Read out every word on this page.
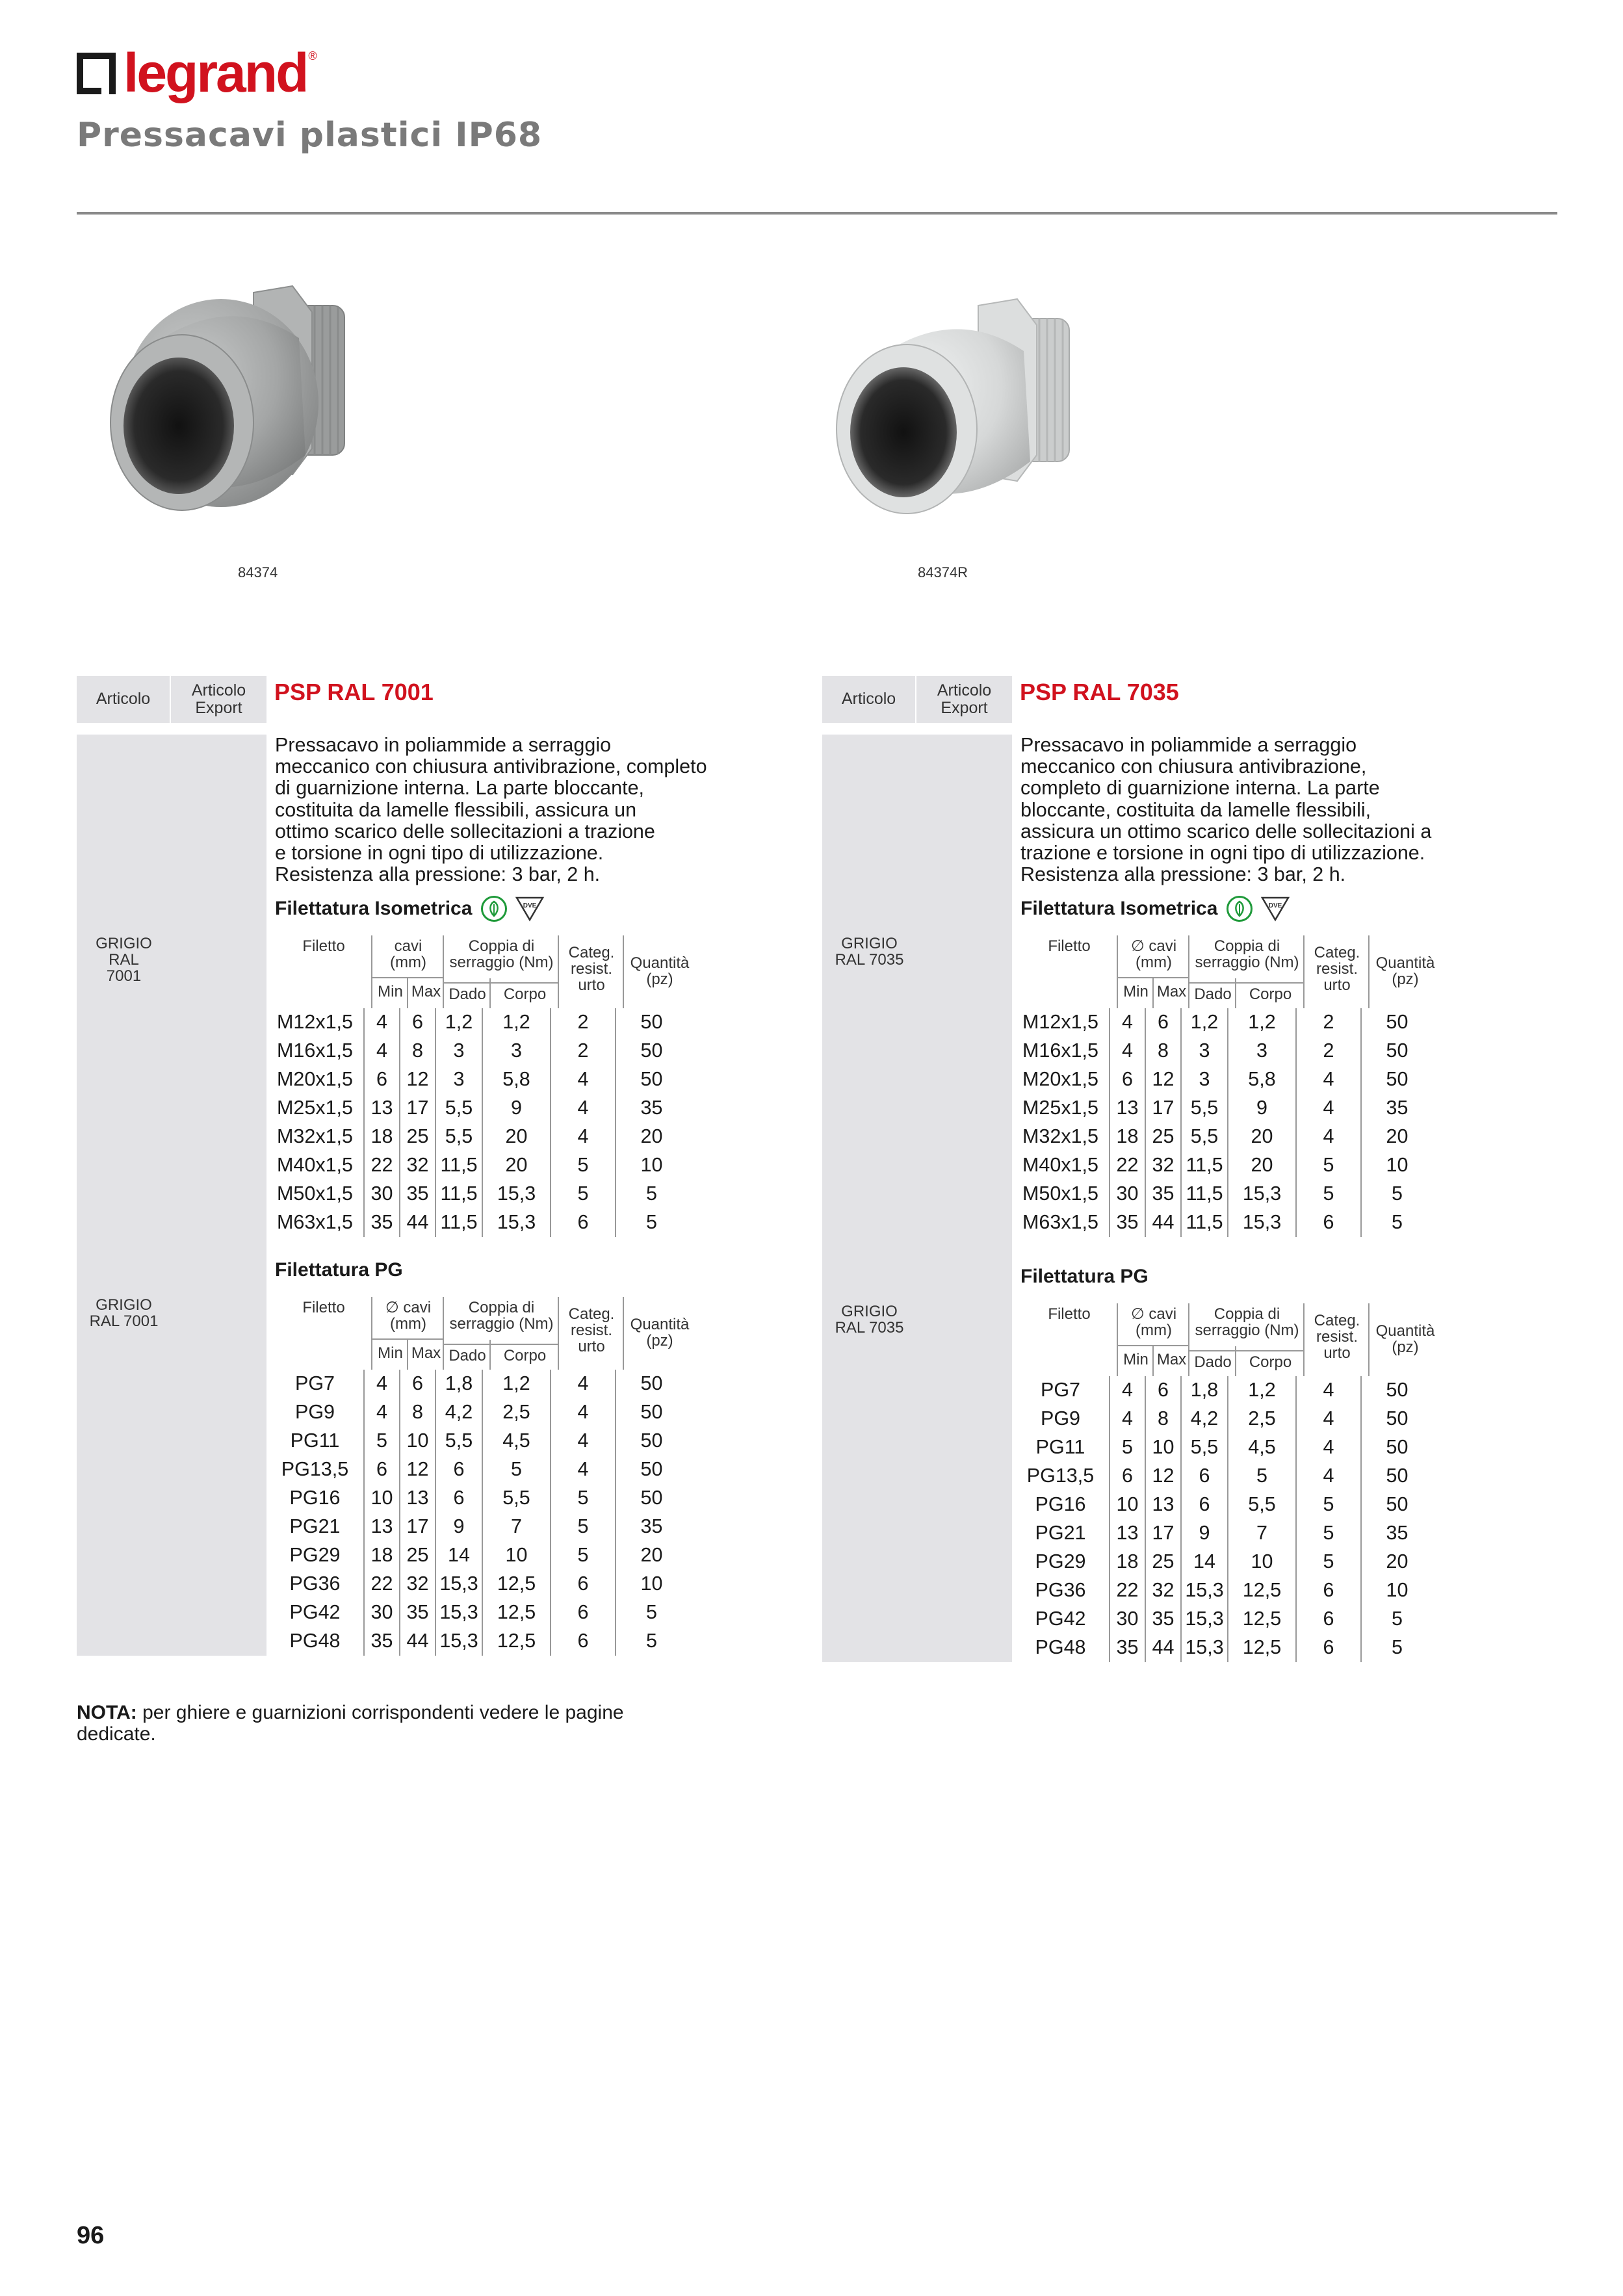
legrand ®
Pressacavi plastici IP68
84374	84374R
Articolo	Articolo Export
PSP RAL 7001
Pressacavo in poliammide a serraggio
meccanico con chiusura antivibrazione, completo
di guarnizione interna. La parte bloccante,
costituita da lamelle flessibili, assicura un
ottimo scarico delle sollecitazioni a trazione
e torsione in ogni tipo di utilizzazione.
Resistenza alla pressione: 3 bar, 2 h.
Filettatura Isometrica	DVE
GRIGIO
RAL
7001
Filetto	cavi (mm)
Coppia di serraggio (Nm)
Categ. resist. urto
Quantità (pz)
Min Max Dado	Corpo
	M12x1,5	4	6	1,2	1,2	2	50
		M16x1,5	4	8	3	3	2	50
		M20x1,5	6	12	3	5,8	4	50
		M25x1,5	13	17	5,5	9	4	35
		M32x1,5	18	25	5,5	20	4	20
		M40x1,5	22	32	11,5	20	5	10
		M50x1,5	30	35	11,5	15,3	5	5
		M63x1,5	35	44	11,5	15,3	6	5
Filettatura PG
GRIGIO
RAL 7001
Filetto	∅ cavi (mm)
Coppia di serraggio (Nm)
Categ. resist. urto
Quantità (pz)
Min Max Dado	Corpo
		PG7	4	6	1,8	1,2	4	50
		PG9	4	8	4,2	2,5	4	50
		PG11	5	10	5,5	4,5	4	50
		PG13,5	6	12	6	5	4	50
		PG16	10	13	6	5,5	5	50
		PG21	13	17	9	7	5	35
		PG29	18	25	14	10	5	20
		PG36	22	32	15,3	12,5	6	10
		PG42	30	35	15,3	12,5	6	5
		PG48	35	44	15,3	12,5	6	5
Articolo	Articolo Export
PSP RAL 7035
Pressacavo in poliammide a serraggio
meccanico con chiusura antivibrazione,
completo di guarnizione interna. La parte
bloccante, costituita da lamelle flessibili,
assicura un ottimo scarico delle sollecitazioni a
trazione e torsione in ogni tipo di utilizzazione.
Resistenza alla pressione: 3 bar, 2 h.
Filettatura Isometrica	DVE
GRIGIO
RAL 7035
Filetto	∅ cavi (mm)
Coppia di serraggio (Nm)
Categ. resist. urto
Quantità (pz)
Min Max Dado	Corpo
	M12x1,5	4	6	1,2	1,2	2	50
		M16x1,5	4	8	3	3	2	50
		M20x1,5	6	12	3	5,8	4	50
		M25x1,5	13	17	5,5	9	4	35
		M32x1,5	18	25	5,5	20	4	20
		M40x1,5	22	32	11,5	20	5	10
		M50x1,5	30	35	11,5	15,3	5	5
		M63x1,5	35	44	11,5	15,3	6	5
Filettatura PG
GRIGIO
RAL 7035
Filetto	∅ cavi (mm)
Coppia di serraggio (Nm)
Categ. resist. urto
Quantità (pz)
Min Max Dado	Corpo
		PG7	4	6	1,8	1,2	4	50
		PG9	4	8	4,2	2,5	4	50
		PG11	5	10	5,5	4,5	4	50
		PG13,5	6	12	6	5	4	50
		PG16	10	13	6	5,5	5	50
		PG21	13	17	9	7	5	35
		PG29	18	25	14	10	5	20
		PG36	22	32	15,3	12,5	6	10
		PG42	30	35	15,3	12,5	6	5
		PG48	35	44	15,3	12,5	6	5
NOTA: per ghiere e guarnizioni corrispondenti vedere le pagine dedicate.
96
